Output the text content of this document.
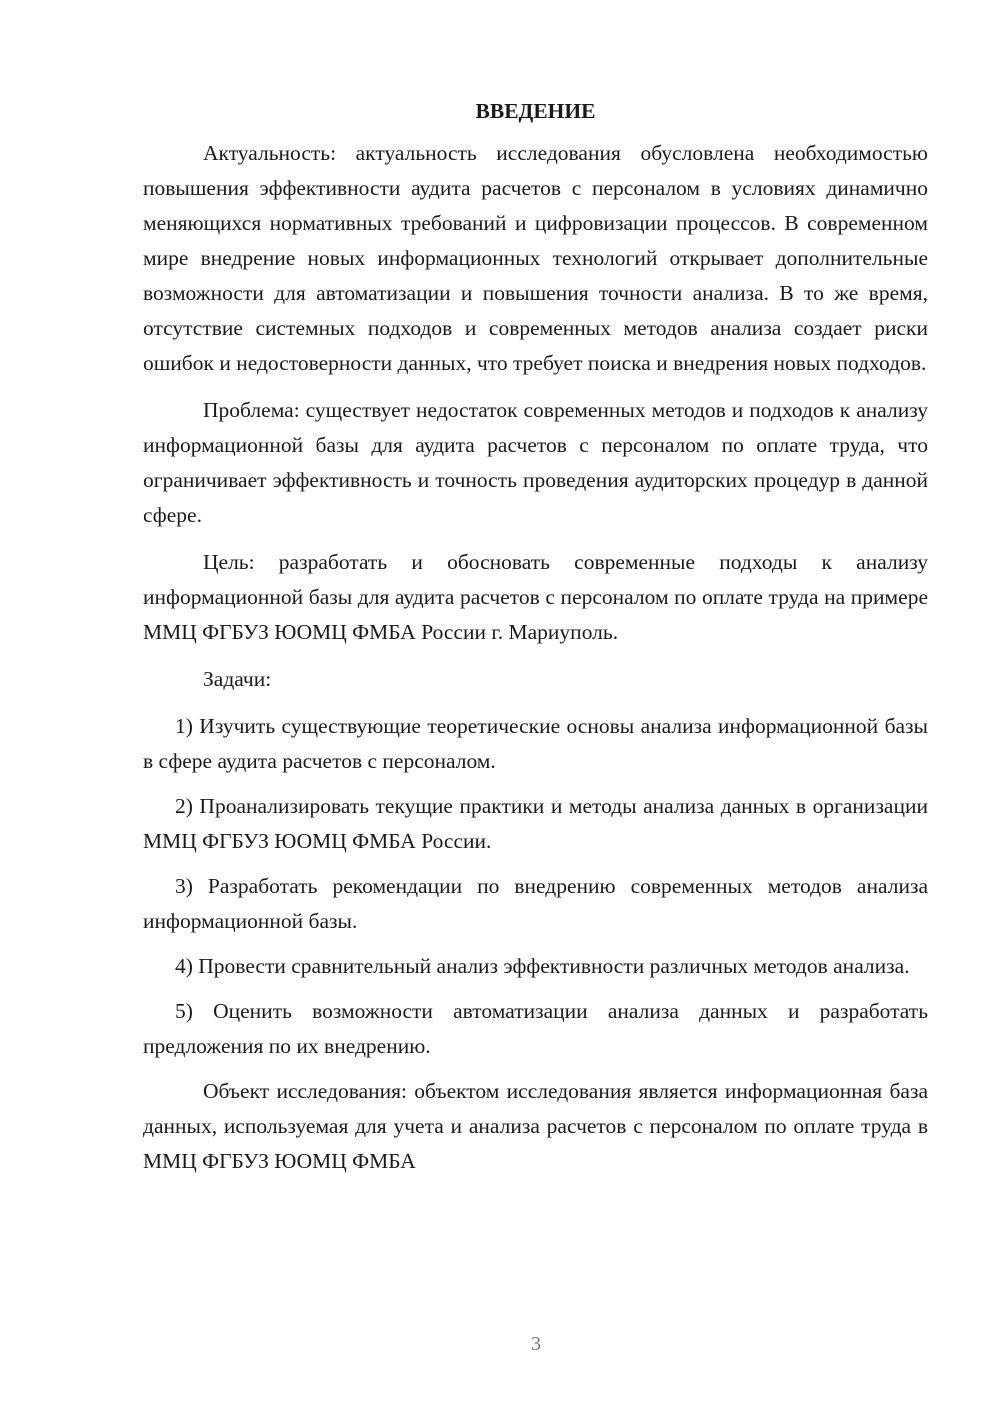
ВВЕДЕНИЕ

Актуальность: актуальность исследования обусловлена необходимостью повышения эффективности аудита расчетов с персоналом в условиях динамично меняющихся нормативных требований и цифровизации процессов. В современном мире внедрение новых информационных технологий открывает дополнительные возможности для автоматизации и повышения точности анализа. В то же время, отсутствие системных подходов и современных методов анализа создает риски ошибок и недостоверности данных, что требует поиска и внедрения новых подходов.

Проблема: существует недостаток современных методов и подходов к анализу информационной базы для аудита расчетов с персоналом по оплате труда, что ограничивает эффективность и точность проведения аудиторских процедур в данной сфере.

Цель: разработать и обосновать современные подходы к анализу информационной базы для аудита расчетов с персоналом по оплате труда на примере ММЦ ФГБУЗ ЮОМЦ ФМБА России г. Мариуполь.

Задачи:

1) Изучить существующие теоретические основы анализа информационной базы в сфере аудита расчетов с персоналом.

2) Проанализировать текущие практики и методы анализа данных в организации ММЦ ФГБУЗ ЮОМЦ ФМБА России.

3) Разработать рекомендации по внедрению современных методов анализа информационной базы.

4) Провести сравнительный анализ эффективности различных методов анализа.

5) Оценить возможности автоматизации анализа данных и разработать предложения по их внедрению.

Объект исследования: объектом исследования является информационная база данных, используемая для учета и анализа расчетов с персоналом по оплате труда в ММЦ ФГБУЗ ЮОМЦ ФМБА

3
